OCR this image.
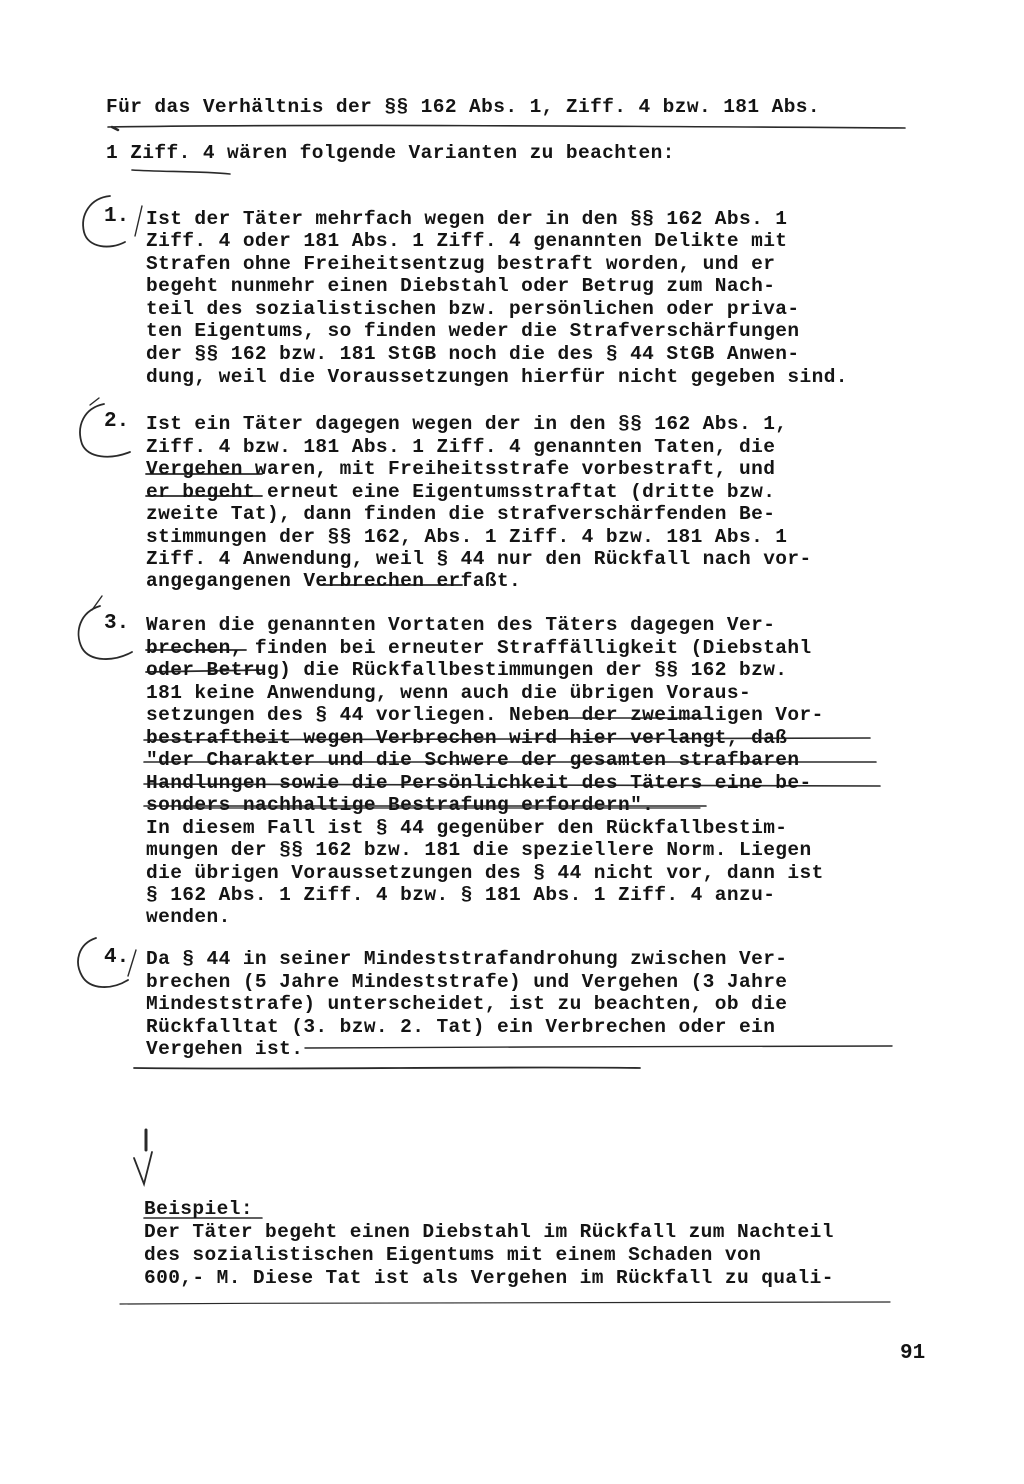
Für das Verhältnis der §§ 162 Abs. 1, Ziff. 4 bzw. 181 Abs.
1 Ziff. 4 wären folgende Varianten zu beachten:
1. Ist der Täter mehrfach wegen der in den §§ 162 Abs. 1
Ziff. 4 oder 181 Abs. 1 Ziff. 4 genannten Delikte mit
Strafen ohne Freiheitsentzug bestraft worden, und er
begeht nunmehr einen Diebstahl oder Betrug zum Nach-
teil des sozialistischen bzw. persönlichen oder priva-
ten Eigentums, so finden weder die Strafverschärfungen
der §§ 162 bzw. 181 StGB noch die des § 44 StGB Anwen-
dung, weil die Voraussetzungen hierfür nicht gegeben sind.
2. Ist ein Täter dagegen wegen der in den §§ 162 Abs. 1,
Ziff. 4 bzw. 181 Abs. 1 Ziff. 4 genannten Taten, die
Vergehen waren, mit Freiheitsstrafe vorbestraft, und
er begeht erneut eine Eigentumsstraftat (dritte bzw.
zweite Tat), dann finden die strafverschärfenden Be-
stimmungen der §§ 162, Abs. 1 Ziff. 4 bzw. 181 Abs. 1
Ziff. 4 Anwendung, weil § 44 nur den Rückfall nach vor-
angegangenen Verbrechen erfaßt.
3. Waren die genannten Vortaten des Täters dagegen Ver-
brechen, finden bei erneuter Straffälligkeit (Diebstahl
oder Betrug) die Rückfallbestimmungen der §§ 162 bzw.
181 keine Anwendung, wenn auch die übrigen Voraus-
setzungen des § 44 vorliegen. Neben der zweimaligen Vor-
bestraftheit wegen Verbrechen wird hier verlangt, daß
"der Charakter und die Schwere der gesamten strafbaren
Handlungen sowie die Persönlichkeit des Täters eine be-
sonders nachhaltige Bestrafung erfordern".
In diesem Fall ist § 44 gegenüber den Rückfallbestim-
mungen der §§ 162 bzw. 181 die speziellere Norm. Liegen
die übrigen Voraussetzungen des § 44 nicht vor, dann ist
§ 162 Abs. 1 Ziff. 4 bzw. § 181 Abs. 1 Ziff. 4 anzu-
wenden.
4. Da § 44 in seiner Mindeststrafandrohung zwischen Ver-
brechen (5 Jahre Mindeststrafe) und Vergehen (3 Jahre
Mindeststrafe) unterscheidet, ist zu beachten, ob die
Rückfalltat (3. bzw. 2. Tat) ein Verbrechen oder ein
Vergehen ist.
Beispiel:
Der Täter begeht einen Diebstahl im Rückfall zum Nachteil
des sozialistischen Eigentums mit einem Schaden von
600,- M. Diese Tat ist als Vergehen im Rückfall zu quali-
91
